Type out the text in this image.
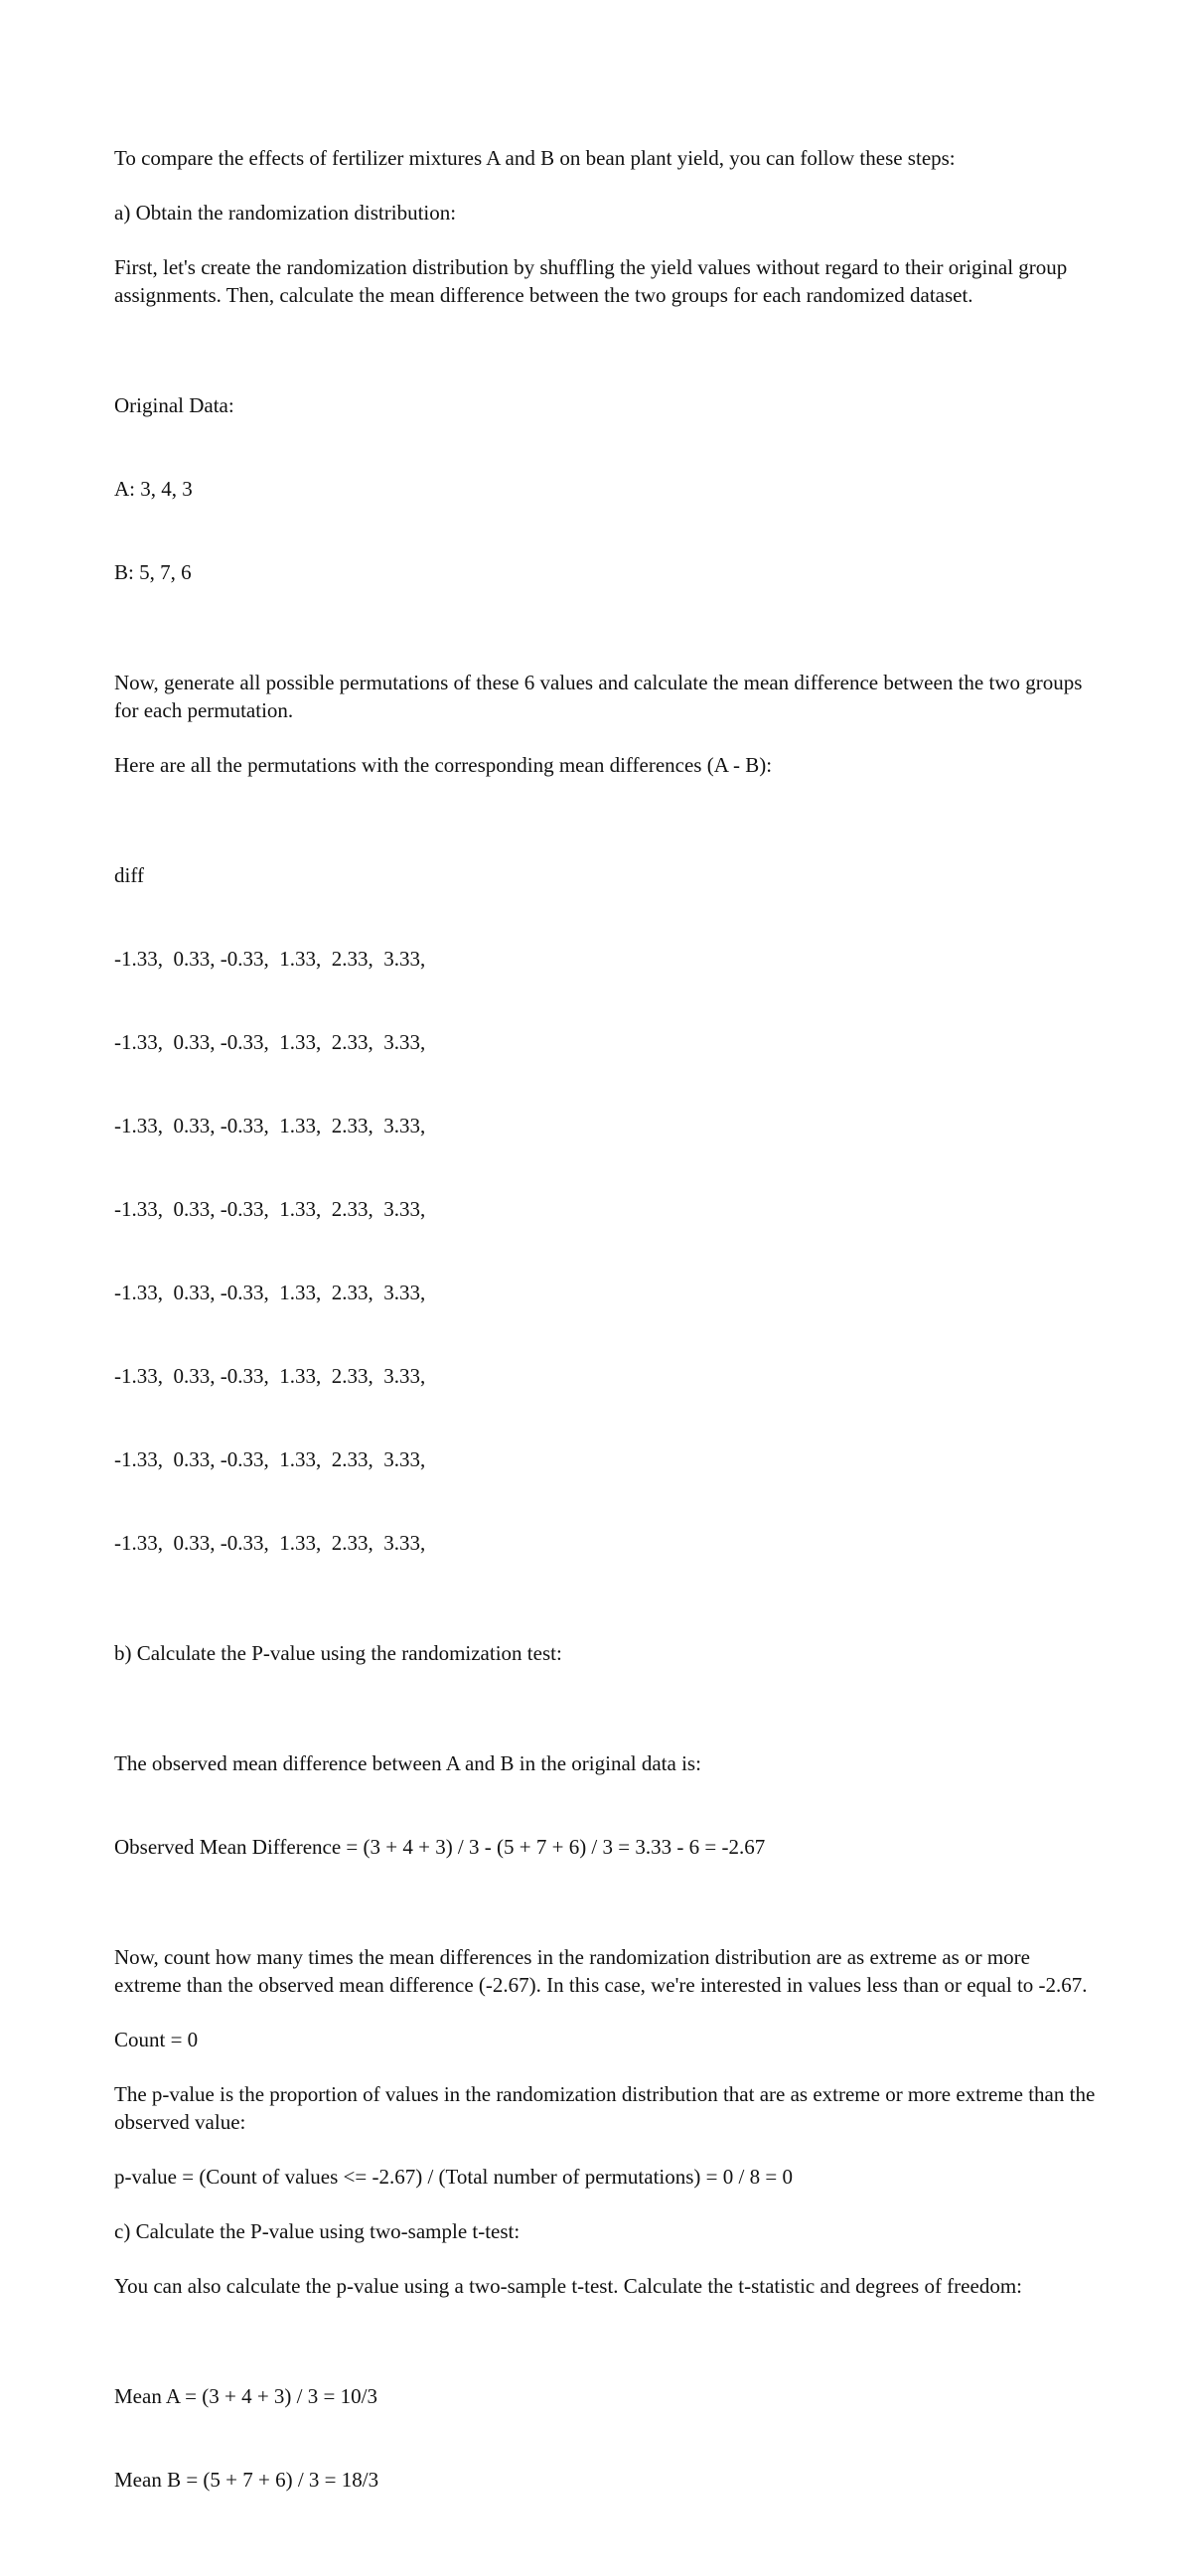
To compare the effects of fertilizer mixtures A and B on bean plant yield, you can follow these steps:

a) Obtain the randomization distribution:

First, let's create the randomization distribution by shuffling the yield values without regard to their original group assignments. Then, calculate the mean difference between the two groups for each randomized dataset.

Original Data:

A: 3, 4, 3

B: 5, 7, 6

Now, generate all possible permutations of these 6 values and calculate the mean difference between the two groups for each permutation.

Here are all the permutations with the corresponding mean differences (A - B):

diff

-1.33,  0.33, -0.33,  1.33,  2.33,  3.33,

-1.33,  0.33, -0.33,  1.33,  2.33,  3.33,

-1.33,  0.33, -0.33,  1.33,  2.33,  3.33,

-1.33,  0.33, -0.33,  1.33,  2.33,  3.33,

-1.33,  0.33, -0.33,  1.33,  2.33,  3.33,

-1.33,  0.33, -0.33,  1.33,  2.33,  3.33,

-1.33,  0.33, -0.33,  1.33,  2.33,  3.33,

-1.33,  0.33, -0.33,  1.33,  2.33,  3.33,

b) Calculate the P-value using the randomization test:

The observed mean difference between A and B in the original data is:

Observed Mean Difference = (3 + 4 + 3) / 3 - (5 + 7 + 6) / 3 = 3.33 - 6 = -2.67

Now, count how many times the mean differences in the randomization distribution are as extreme as or more extreme than the observed mean difference (-2.67). In this case, we're interested in values less than or equal to -2.67.

Count = 0

The p-value is the proportion of values in the randomization distribution that are as extreme or more extreme than the observed value:

p-value = (Count of values <= -2.67) / (Total number of permutations) = 0 / 8 = 0

c) Calculate the P-value using two-sample t-test:

You can also calculate the p-value using a two-sample t-test. Calculate the t-statistic and degrees of freedom:

Mean A = (3 + 4 + 3) / 3 = 10/3

Mean B = (5 + 7 + 6) / 3 = 18/3
